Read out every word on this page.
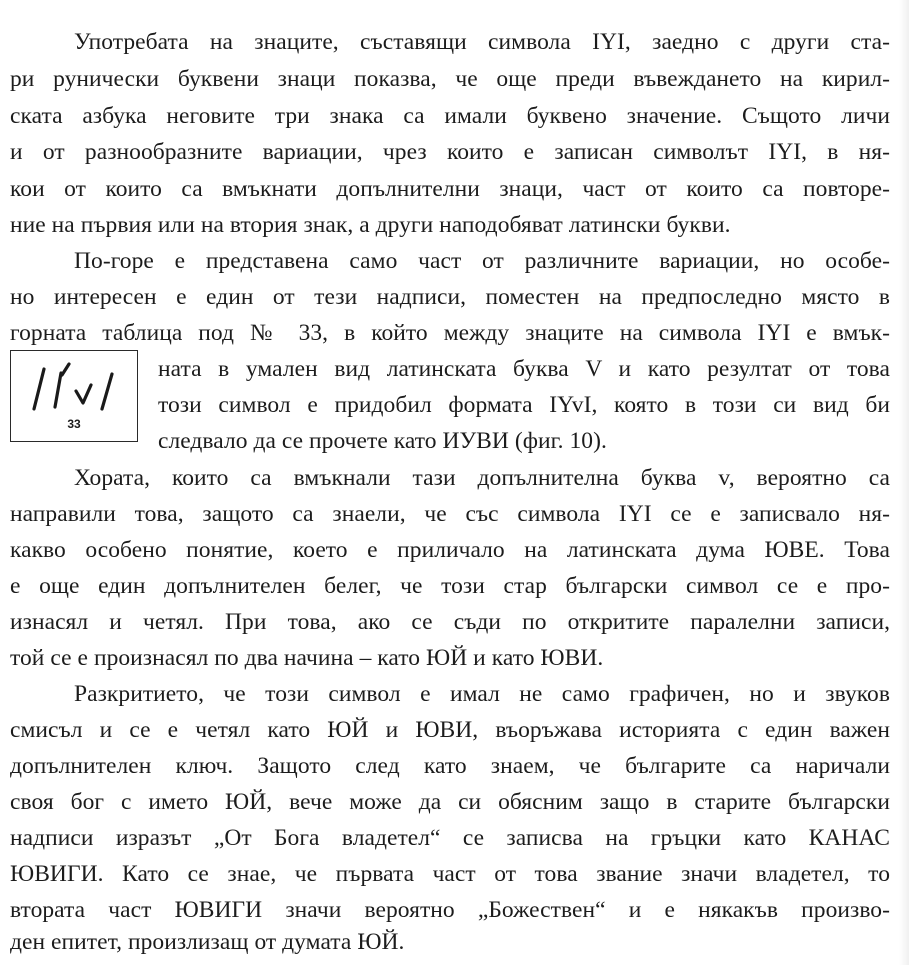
Употребата на знаците, съставящи символа IYI, заедно с други ста-
ри рунически буквени знаци показва, че още преди въвеждането на кирил-
ската азбука неговите три знака са имали буквено значение. Същото личи
и от разнообразните вариации, чрез които е записан символът IYI, в ня-
кои от които са вмъкнати допълнителни знаци, част от които са повторе-
ние на първия или на втория знак, а други наподобяват латински букви.
По-горе е представена само част от различните вариации, но особе-
но интересен е един от тези надписи, поместен на предпоследно място в
горната таблица под № 33, в който между знаците на символа IYI е вмък-
ната в умален вид латинската буква V и като резултат от това
този символ е придобил формата IYvI, която в този си вид би
следвало да се прочете като ИУВИ (фиг. 10).
33
Хората, които са вмъкнали тази допълнителна буква v, вероятно са
направили това, защото са знаели, че със символа IYI се е записвало ня-
какво особено понятие, което е приличало на латинската дума ЮВЕ. Това
е още един допълнителен белег, че този стар български символ се е про-
изнасял и четял. При това, ако се съди по откритите паралелни записи,
той се е произнасял по два начина – като ЮЙ и като ЮВИ.
Разкритието, че този символ е имал не само графичен, но и звуков
смисъл и се е четял като ЮЙ и ЮВИ, въоръжава историята с един важен
допълнителен ключ. Защото след като знаем, че българите са наричали
своя бог с името ЮЙ, вече може да си обясним защо в старите български
надписи изразът „От Бога владетел“ се записва на гръцки като КАНАС
ЮВИГИ. Като се знае, че първата част от това звание значи владетел, то
втората част ЮВИГИ значи вероятно „Божествен“ и е някакъв произво-
ден епитет, произлизащ от думата ЮЙ.
